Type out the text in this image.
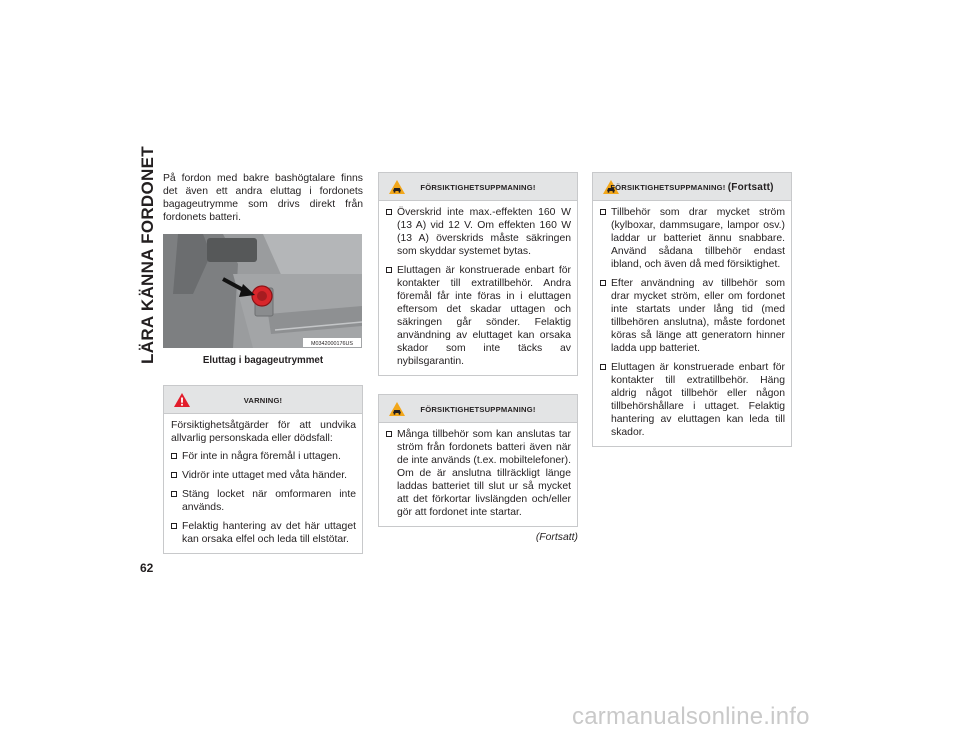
LÄRA KÄNNA FORDONET På fordon med bakre bashögtalare finns det även ett andra eluttag i fordonets bagageutrymme som drivs direkt från fordonets batteri.

M0342000176US
Eluttag i bagageutrymmet
VARNING!

Försiktighetsåtgärder för att undvika allvarlig personskada eller dödsfall:

För inte in några föremål i uttagen.
Vidrör inte uttaget med våta händer.
Stäng locket när omformaren inte används.
Felaktig hantering av det här uttaget kan orsaka elfel och leda till elstötar.
FÖRSIKTIGHETSUPPMANING!
Överskrid inte max.-effekten 160 W (13 A) vid 12 V. Om effekten 160 W (13 A) överskrids måste säkringen som skyddar systemet bytas.
Eluttagen är konstruerade enbart för kontakter till extratillbehör. Andra föremål får inte föras in i eluttagen eftersom det skadar uttagen och säkringen går sönder. Felaktig användning av eluttaget kan orsaka skador som inte täcks av nybilsgarantin.
FÖRSIKTIGHETSUPPMANING!
Många tillbehör som kan anslutas tar ström från fordonets batteri även när de inte används (t.ex. mobiltelefoner). Om de är anslutna tillräckligt länge laddas batteriet till slut ur så mycket att det förkortar livslängden och/eller gör att fordonet inte startar.
(Fortsatt)
FÖRSIKTIGHETSUPPMANING! (Fortsatt)
Tillbehör som drar mycket ström (kylboxar, dammsugare, lampor osv.) laddar ur batteriet ännu snabbare. Använd sådana tillbehör endast ibland, och även då med försiktighet.
Efter användning av tillbehör som drar mycket ström, eller om fordonet inte startats under lång tid (med tillbehören anslutna), måste fordonet köras så länge att generatorn hinner ladda upp batteriet.
Eluttagen är konstruerade enbart för kontakter till extratillbehör. Häng aldrig något tillbehör eller någon tillbehörshållare i uttaget. Felaktig hantering av eluttagen kan leda till skador.
62
carmanualsonline.info
